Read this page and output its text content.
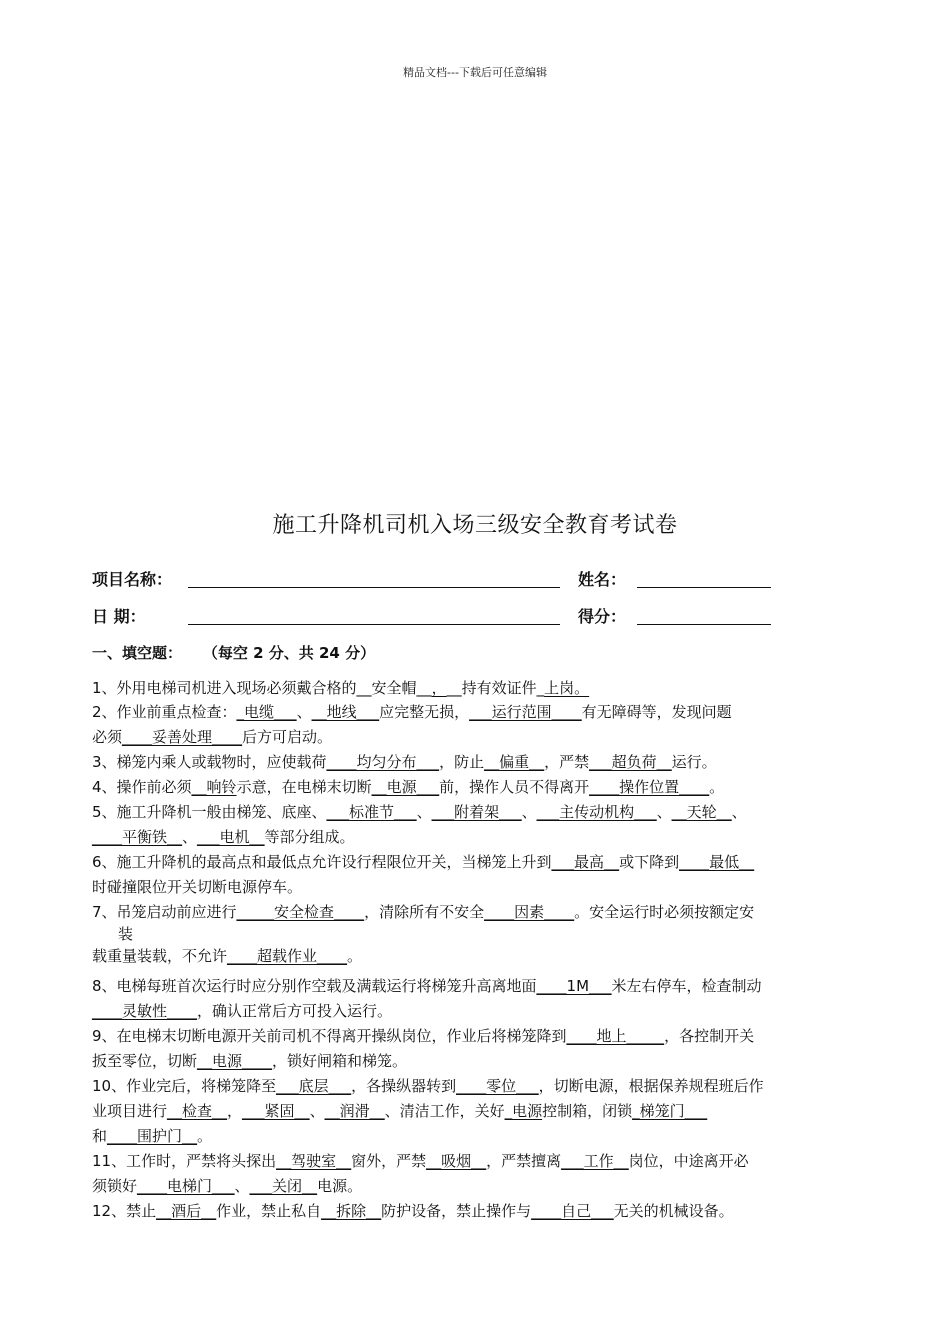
精品文档---下载后可任意编辑
施工升降机司机入场三级安全教育考试卷
项目名称：	姓名：
日 期：	得分：
一、填空题：    （每空 2 分、共 24 分）
1、外用电梯司机进入现场必须戴合格的__安全帽__，__持有效证件_上岗。
2、作业前重点检查：_电缆___、__地线___应完整无损，___运行范围____有无障碍等，发现问题
必须____妥善处理____后方可启动。
3、梯笼内乘人或载物时，应使载荷____均匀分布___，防止__偏重__，严禁___超负荷__运行。
4、操作前必须__响铃示意，在电梯末切断__电源___前，操作人员不得离开____操作位置____。
5、施工升降机一般由梯笼、底座、___标准节___、___附着架___、___主传动机构___、__天轮__、
____平衡铁__、___电机__等部分组成。
6、施工升降机的最高点和最低点允许设行程限位开关，当梯笼上升到___最高__或下降到____最低__
时碰撞限位开关切断电源停车。
7、吊笼启动前应进行_____安全检查____，清除所有不安全____因素____。安全运行时必须按额定安
装
载重量装载，不允许____超载作业____。
8、电梯每班首次运行时应分别作空载及满载运行将梯笼升高离地面____1M___米左右停车，检查制动
____灵敏性____，确认正常后方可投入运行。
9、在电梯末切断电源开关前司机不得离开操纵岗位，作业后将梯笼降到____地上_____，各控制开关
扳至零位，切断__电源____，锁好闸箱和梯笼。
10、作业完后，将梯笼降至___底层___，各操纵器转到____零位___，切断电源，根据保养规程班后作
业项目进行__检查__，___紧固__、__润滑__、清洁工作，关好_电源控制箱，闭锁_梯笼门___
和____围护门__。
11、工作时，严禁将头探出__驾驶室__窗外，严禁__吸烟__，严禁擅离___工作__岗位，中途离开必
须锁好____电梯门___、___关闭__电源。
12、禁止__酒后__作业，禁止私自__拆除__防护设备，禁止操作与____自己___无关的机械设备。
